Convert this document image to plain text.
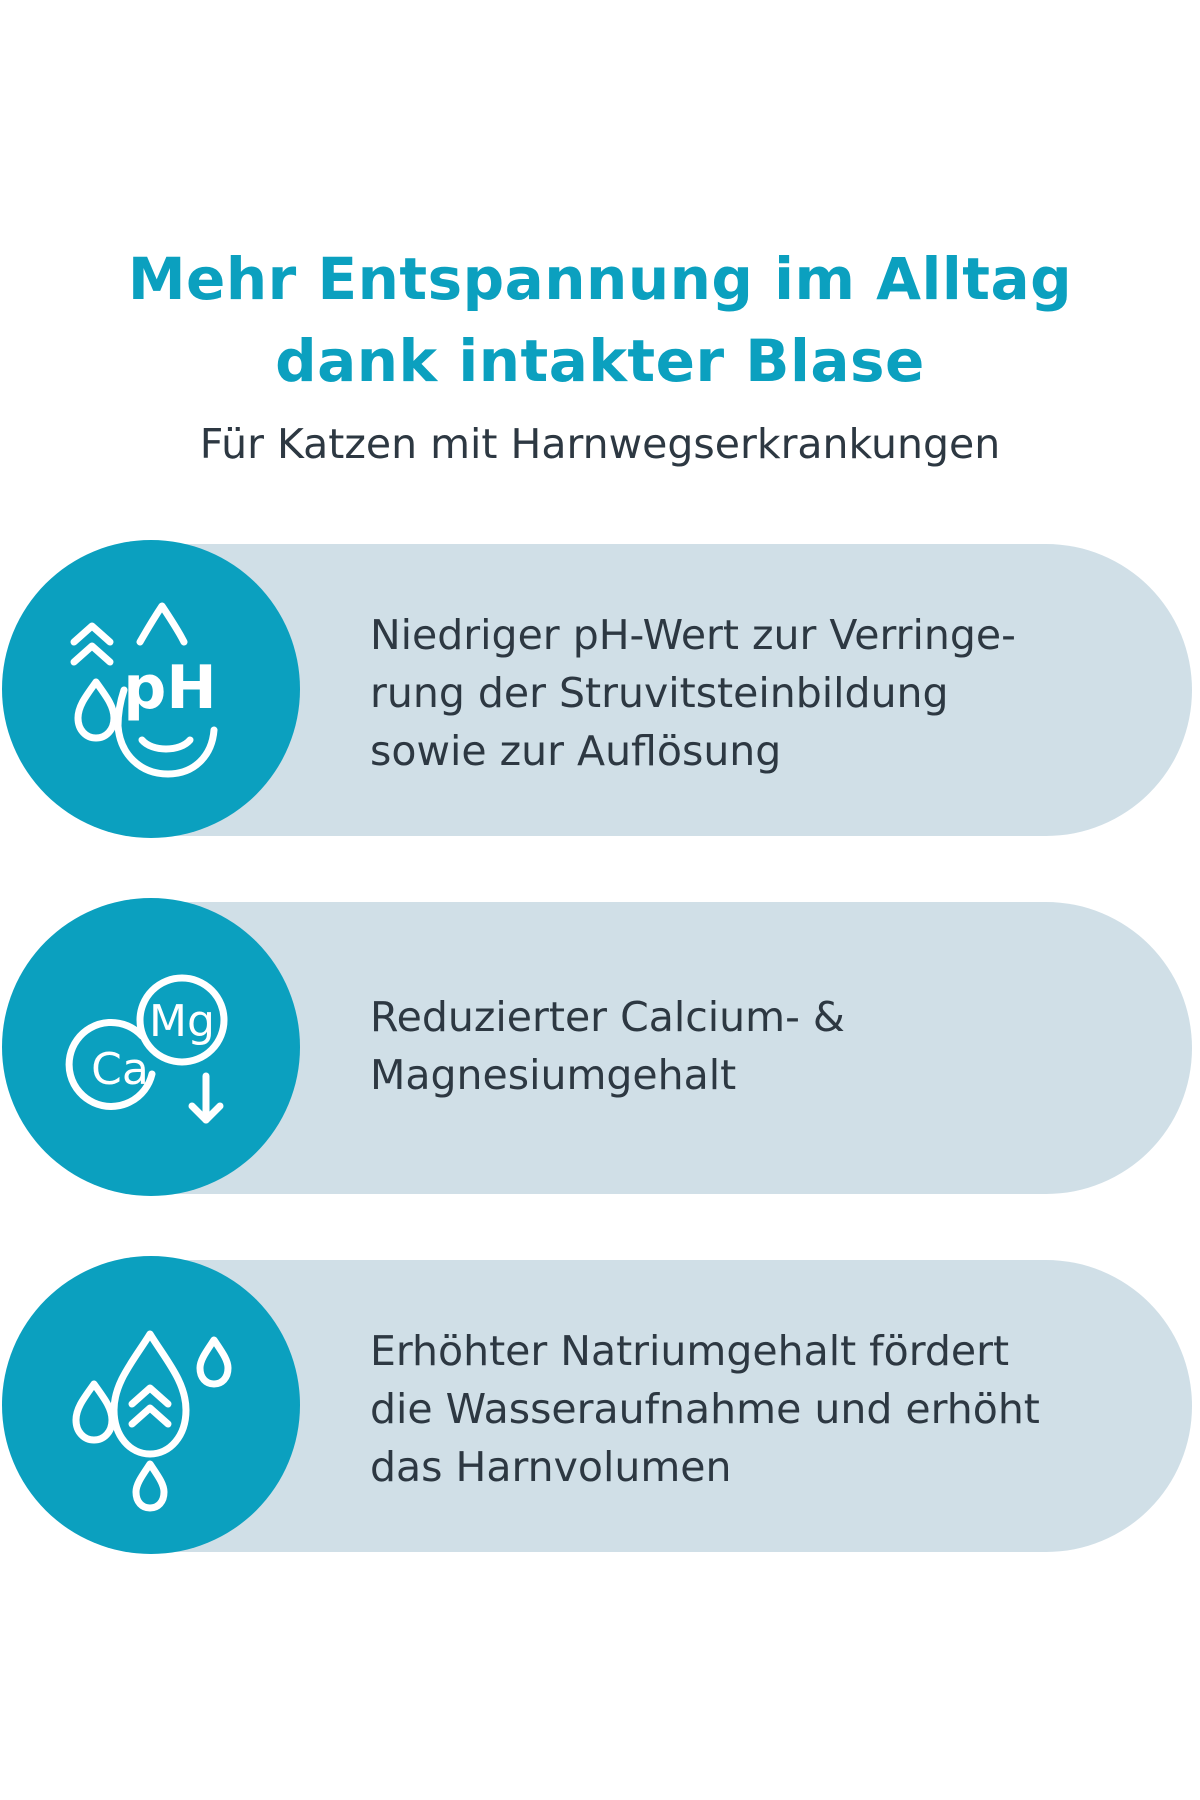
Mehr Entspannung im Alltag
dank intakter Blase

Für Katzen mit Harnwegserkrankungen

pH

Niedriger pH-Wert zur Verringe-
rung der Struvitsteinbildung
sowie zur Auflösung

Mg
Ca

Reduzierter Calcium- &
Magnesiumgehalt

Erhöhter Natriumgehalt fördert
die Wasseraufnahme und erhöht
das Harnvolumen
